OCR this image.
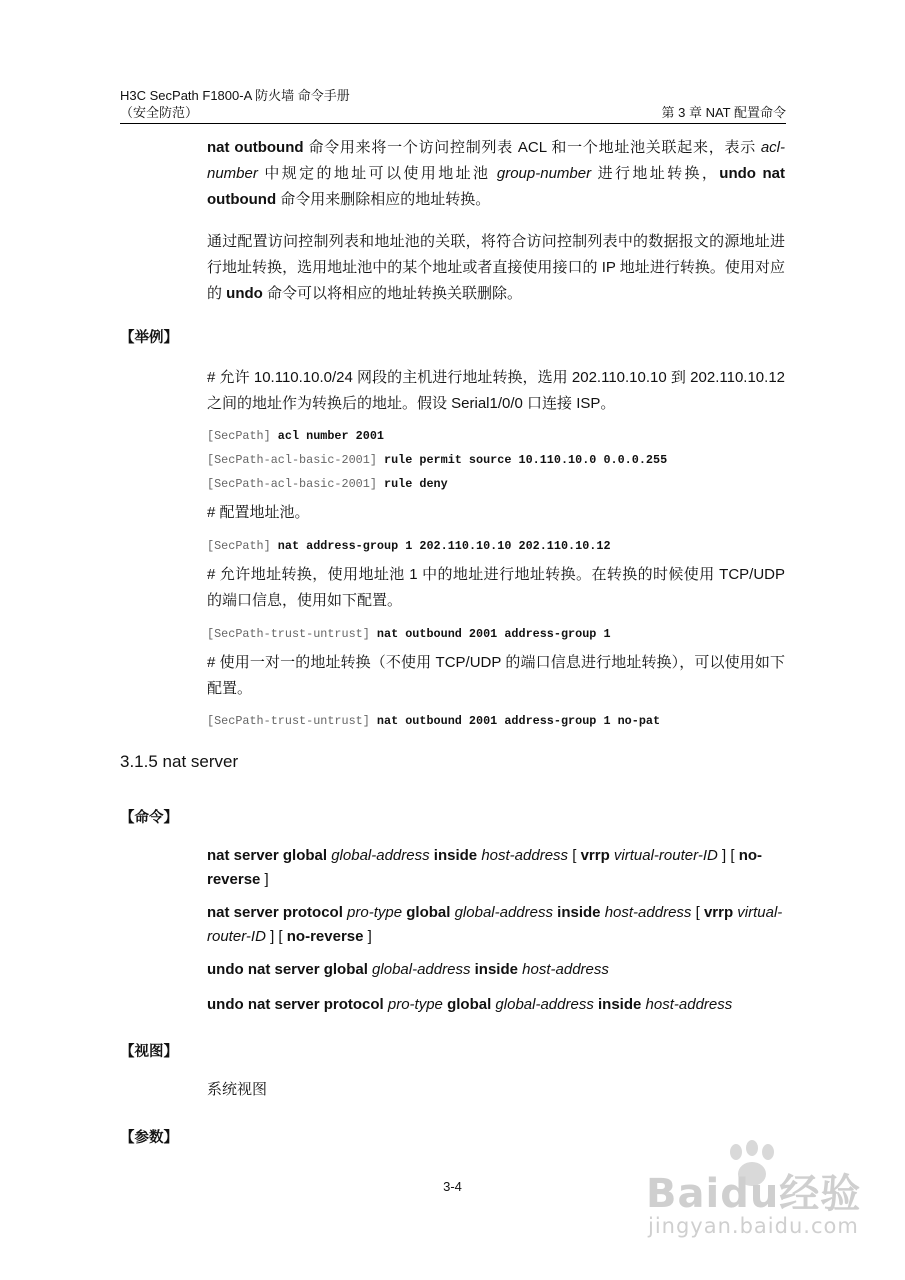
H3C SecPath F1800-A 防火墙 命令手册
（安全防范）	第 3 章 NAT 配置命令
nat outbound 命令用来将一个访问控制列表 ACL 和一个地址池关联起来，表示 acl-number 中规定的地址可以使用地址池 group-number 进行地址转换，undo nat outbound 命令用来删除相应的地址转换。
通过配置访问控制列表和地址池的关联，将符合访问控制列表中的数据报文的源地址进行地址转换，选用地址池中的某个地址或者直接使用接口的 IP 地址进行转换。使用对应的 undo 命令可以将相应的地址转换关联删除。
【举例】
# 允许 10.110.10.0/24 网段的主机进行地址转换，选用 202.110.10.10 到 202.110.10.12 之间的地址作为转换后的地址。假设 Serial1/0/0 口连接 ISP。
[SecPath] acl number 2001
[SecPath-acl-basic-2001] rule permit source 10.110.10.0 0.0.0.255
[SecPath-acl-basic-2001] rule deny
# 配置地址池。
[SecPath] nat address-group 1 202.110.10.10 202.110.10.12
# 允许地址转换，使用地址池 1 中的地址进行地址转换。在转换的时候使用 TCP/UDP 的端口信息，使用如下配置。
[SecPath-trust-untrust] nat outbound 2001 address-group 1
# 使用一对一的地址转换（不使用 TCP/UDP 的端口信息进行地址转换），可以使用如下配置。
[SecPath-trust-untrust] nat outbound 2001 address-group 1 no-pat
3.1.5 nat server
【命令】
nat server global global-address inside host-address [ vrrp virtual-router-ID ] [ no-reverse ]
nat server protocol pro-type global global-address inside host-address [ vrrp virtual-router-ID ] [ no-reverse ]
undo nat server global global-address inside host-address
undo nat server protocol pro-type global global-address inside host-address
【视图】
系统视图
【参数】
3-4	Baidu经验
jingyan.baidu.com
